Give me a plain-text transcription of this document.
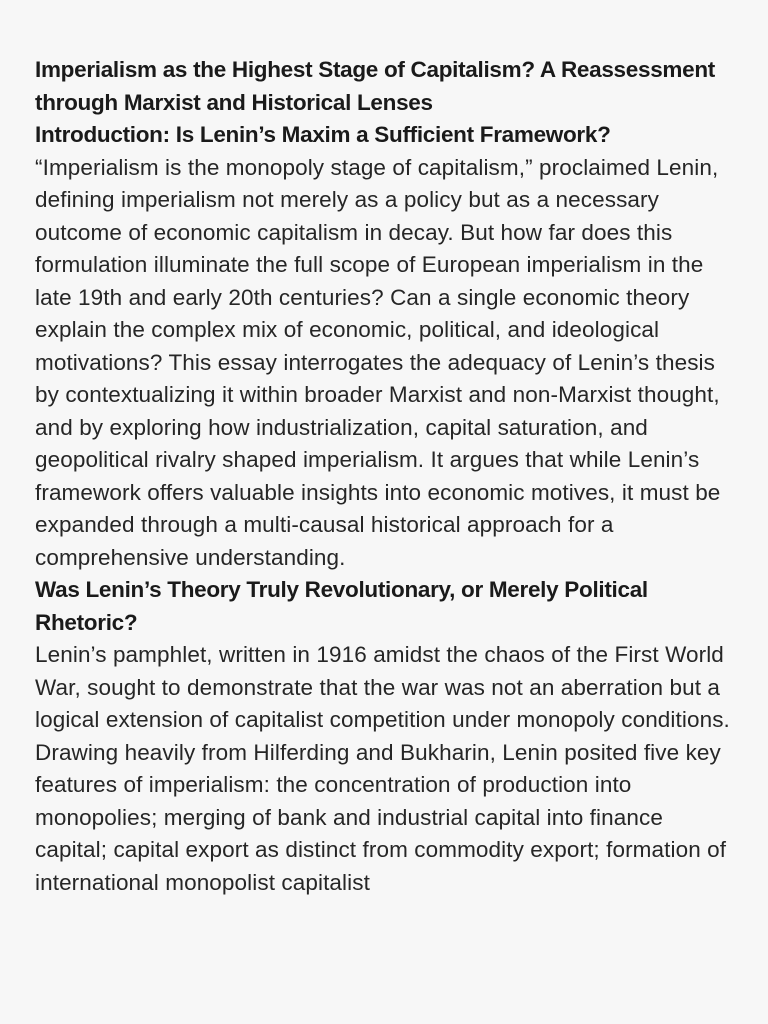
Imperialism as the Highest Stage of Capitalism? A Reassessment through Marxist and Historical Lenses
Introduction: Is Lenin’s Maxim a Sufficient Framework?

“Imperialism is the monopoly stage of capitalism,” proclaimed Lenin, defining imperialism not merely as a policy but as a necessary outcome of economic capitalism in decay. But how far does this formulation illuminate the full scope of European imperialism in the late 19th and early 20th centuries? Can a single economic theory explain the complex mix of economic, political, and ideological motivations? This essay interrogates the adequacy of Lenin’s thesis by contextualizing it within broader Marxist and non-Marxist thought, and by exploring how industrialization, capital saturation, and geopolitical rivalry shaped imperialism. It argues that while Lenin’s framework offers valuable insights into economic motives, it must be expanded through a multi-causal historical approach for a comprehensive understanding.

Was Lenin’s Theory Truly Revolutionary, or Merely Political Rhetoric?

Lenin’s pamphlet, written in 1916 amidst the chaos of the First World War, sought to demonstrate that the war was not an aberration but a logical extension of capitalist competition under monopoly conditions. Drawing heavily from Hilferding and Bukharin, Lenin posited five key features of imperialism: the concentration of production into monopolies; merging of bank and industrial capital into finance capital; capital export as distinct from commodity export; formation of international monopolist capitalist
